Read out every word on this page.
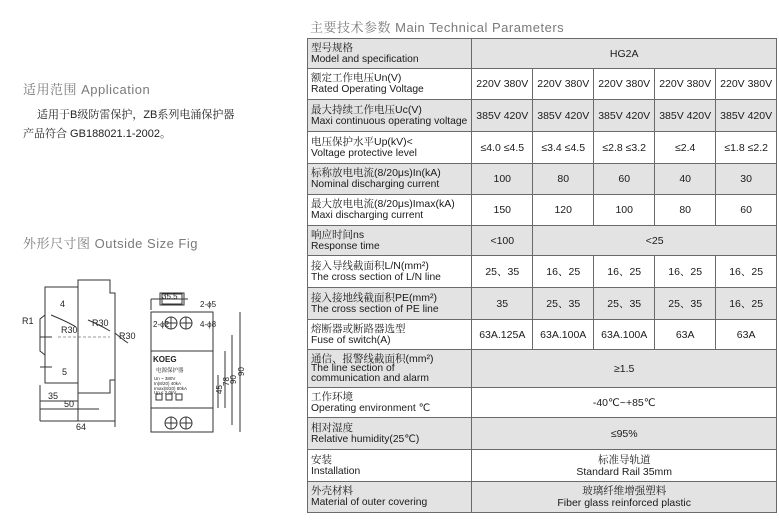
适用范围 Application
适用于B级防雷保护，ZB系列电涌保护器
产品符合 GB188021.1-2002。
外形尺寸图 Outside Size Fig
4
R1
R30
R30
R30
5
35
50
64
35.5
2-ϕ5
2-ϕ2	4-ϕ8
KOEG
电源保护器
Un ~ 380V
In(8/20) 40kA
Imax(8/20) 80kA
Up ≤ 2.0kV	45
78
90
90
主要技术参数 Main Technical Parameters
型号规格
Model and specification	HG2A				

额定工作电压Un(V)
Rated Operating Voltage	220V 380V	220V 380V	220V 380V	220V 380V	220V 380V

最大持续工作电压Uc(V)
Maxi continuous operating voltage	385V 420V	385V 420V	385V 420V	385V 420V	385V 420V

电压保护水平Up(kV)<
Voltage protective level	≤4.0 ≤4.5	≤3.4 ≤4.5	≤2.8 ≤3.2	≤2.4	≤1.8 ≤2.2

标称放电电流(8/20μs)In(kA)
Nominal discharging current	100	80	60	40	30

最大放电电流(8/20μs)Imax(kA)
Maxi discharging current	150	120	100	80	60

响应时间ns
Response time	<100	<25			

接入导线截面积L/N(mm²)
The cross section of L/N line	25、35	16、25	16、25	16、25	16、25

接入接地线截面积PE(mm²)
The cross section of PE line	35	25、35	25、35	25、35	16、25

熔断器或断路器选型
Fuse of switch(A)	63A.125A	63A.100A	63A.100A	63A	63A

通信、报警线截面积(mm²)
The line section of
communication and alarm	≥1.5				

工作环境
Operating environment ℃	-40℃~+85℃				

相对湿度
Relative humidity(25℃)	≤95%				

安装
Installation	标准导轨道
Standard Rail 35mm				

外壳材料
Material of outer covering	玻璃纤维增强塑料
Fiber glass reinforced plastic				
